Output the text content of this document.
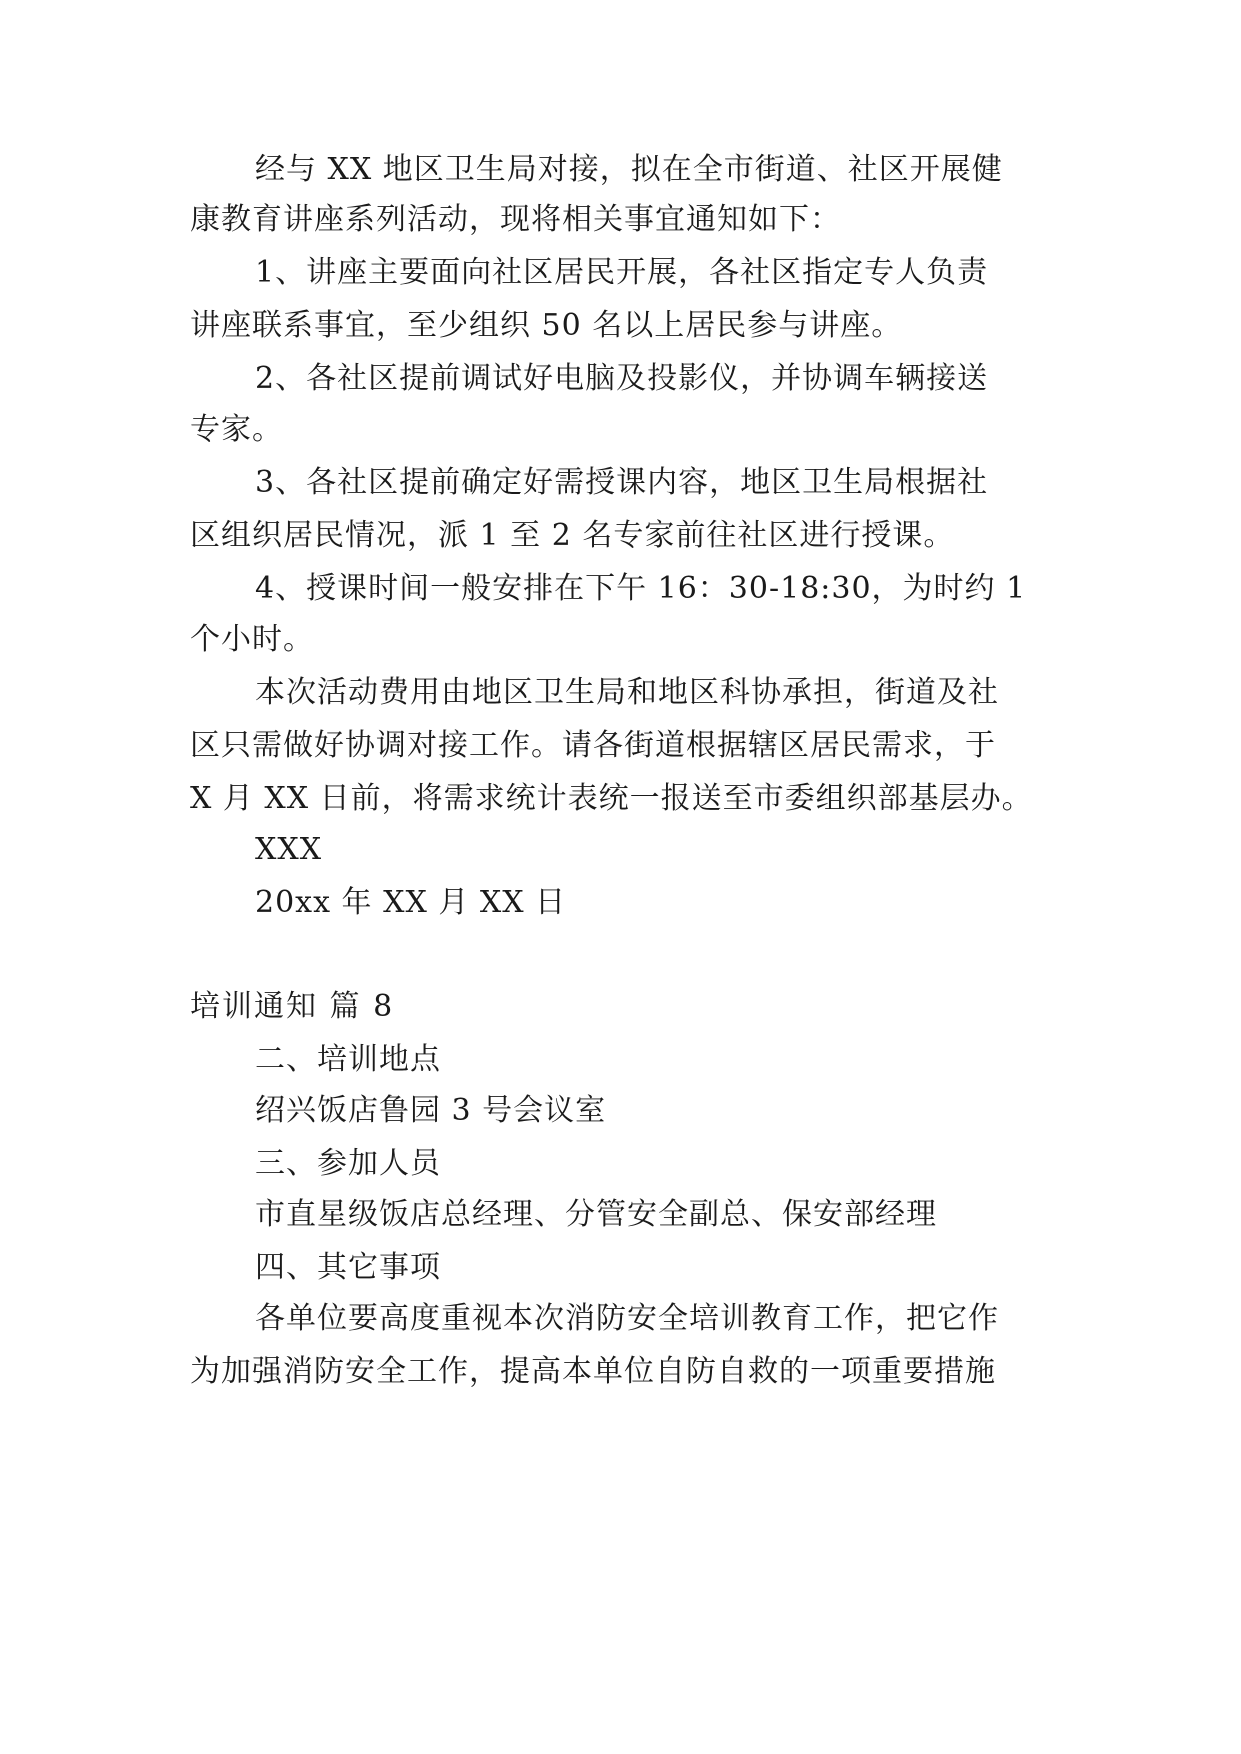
经与 XX 地区卫生局对接，拟在全市街道、社区开展健
康教育讲座系列活动，现将相关事宜通知如下：
1、讲座主要面向社区居民开展，各社区指定专人负责
讲座联系事宜，至少组织 50 名以上居民参与讲座。
2、各社区提前调试好电脑及投影仪，并协调车辆接送
专家。
3、各社区提前确定好需授课内容，地区卫生局根据社
区组织居民情况，派 1 至 2 名专家前往社区进行授课。
4、授课时间一般安排在下午 16：30-18:30，为时约 1
个小时。
本次活动费用由地区卫生局和地区科协承担，街道及社
区只需做好协调对接工作。请各街道根据辖区居民需求，于
X 月 XX 日前，将需求统计表统一报送至市委组织部基层办。
XXX
20xx 年 XX 月 XX 日
培训通知 篇 8
二、培训地点
绍兴饭店鲁园 3 号会议室
三、参加人员
市直星级饭店总经理、分管安全副总、保安部经理
四、其它事项
各单位要高度重视本次消防安全培训教育工作，把它作
为加强消防安全工作，提高本单位自防自救的一项重要措施
